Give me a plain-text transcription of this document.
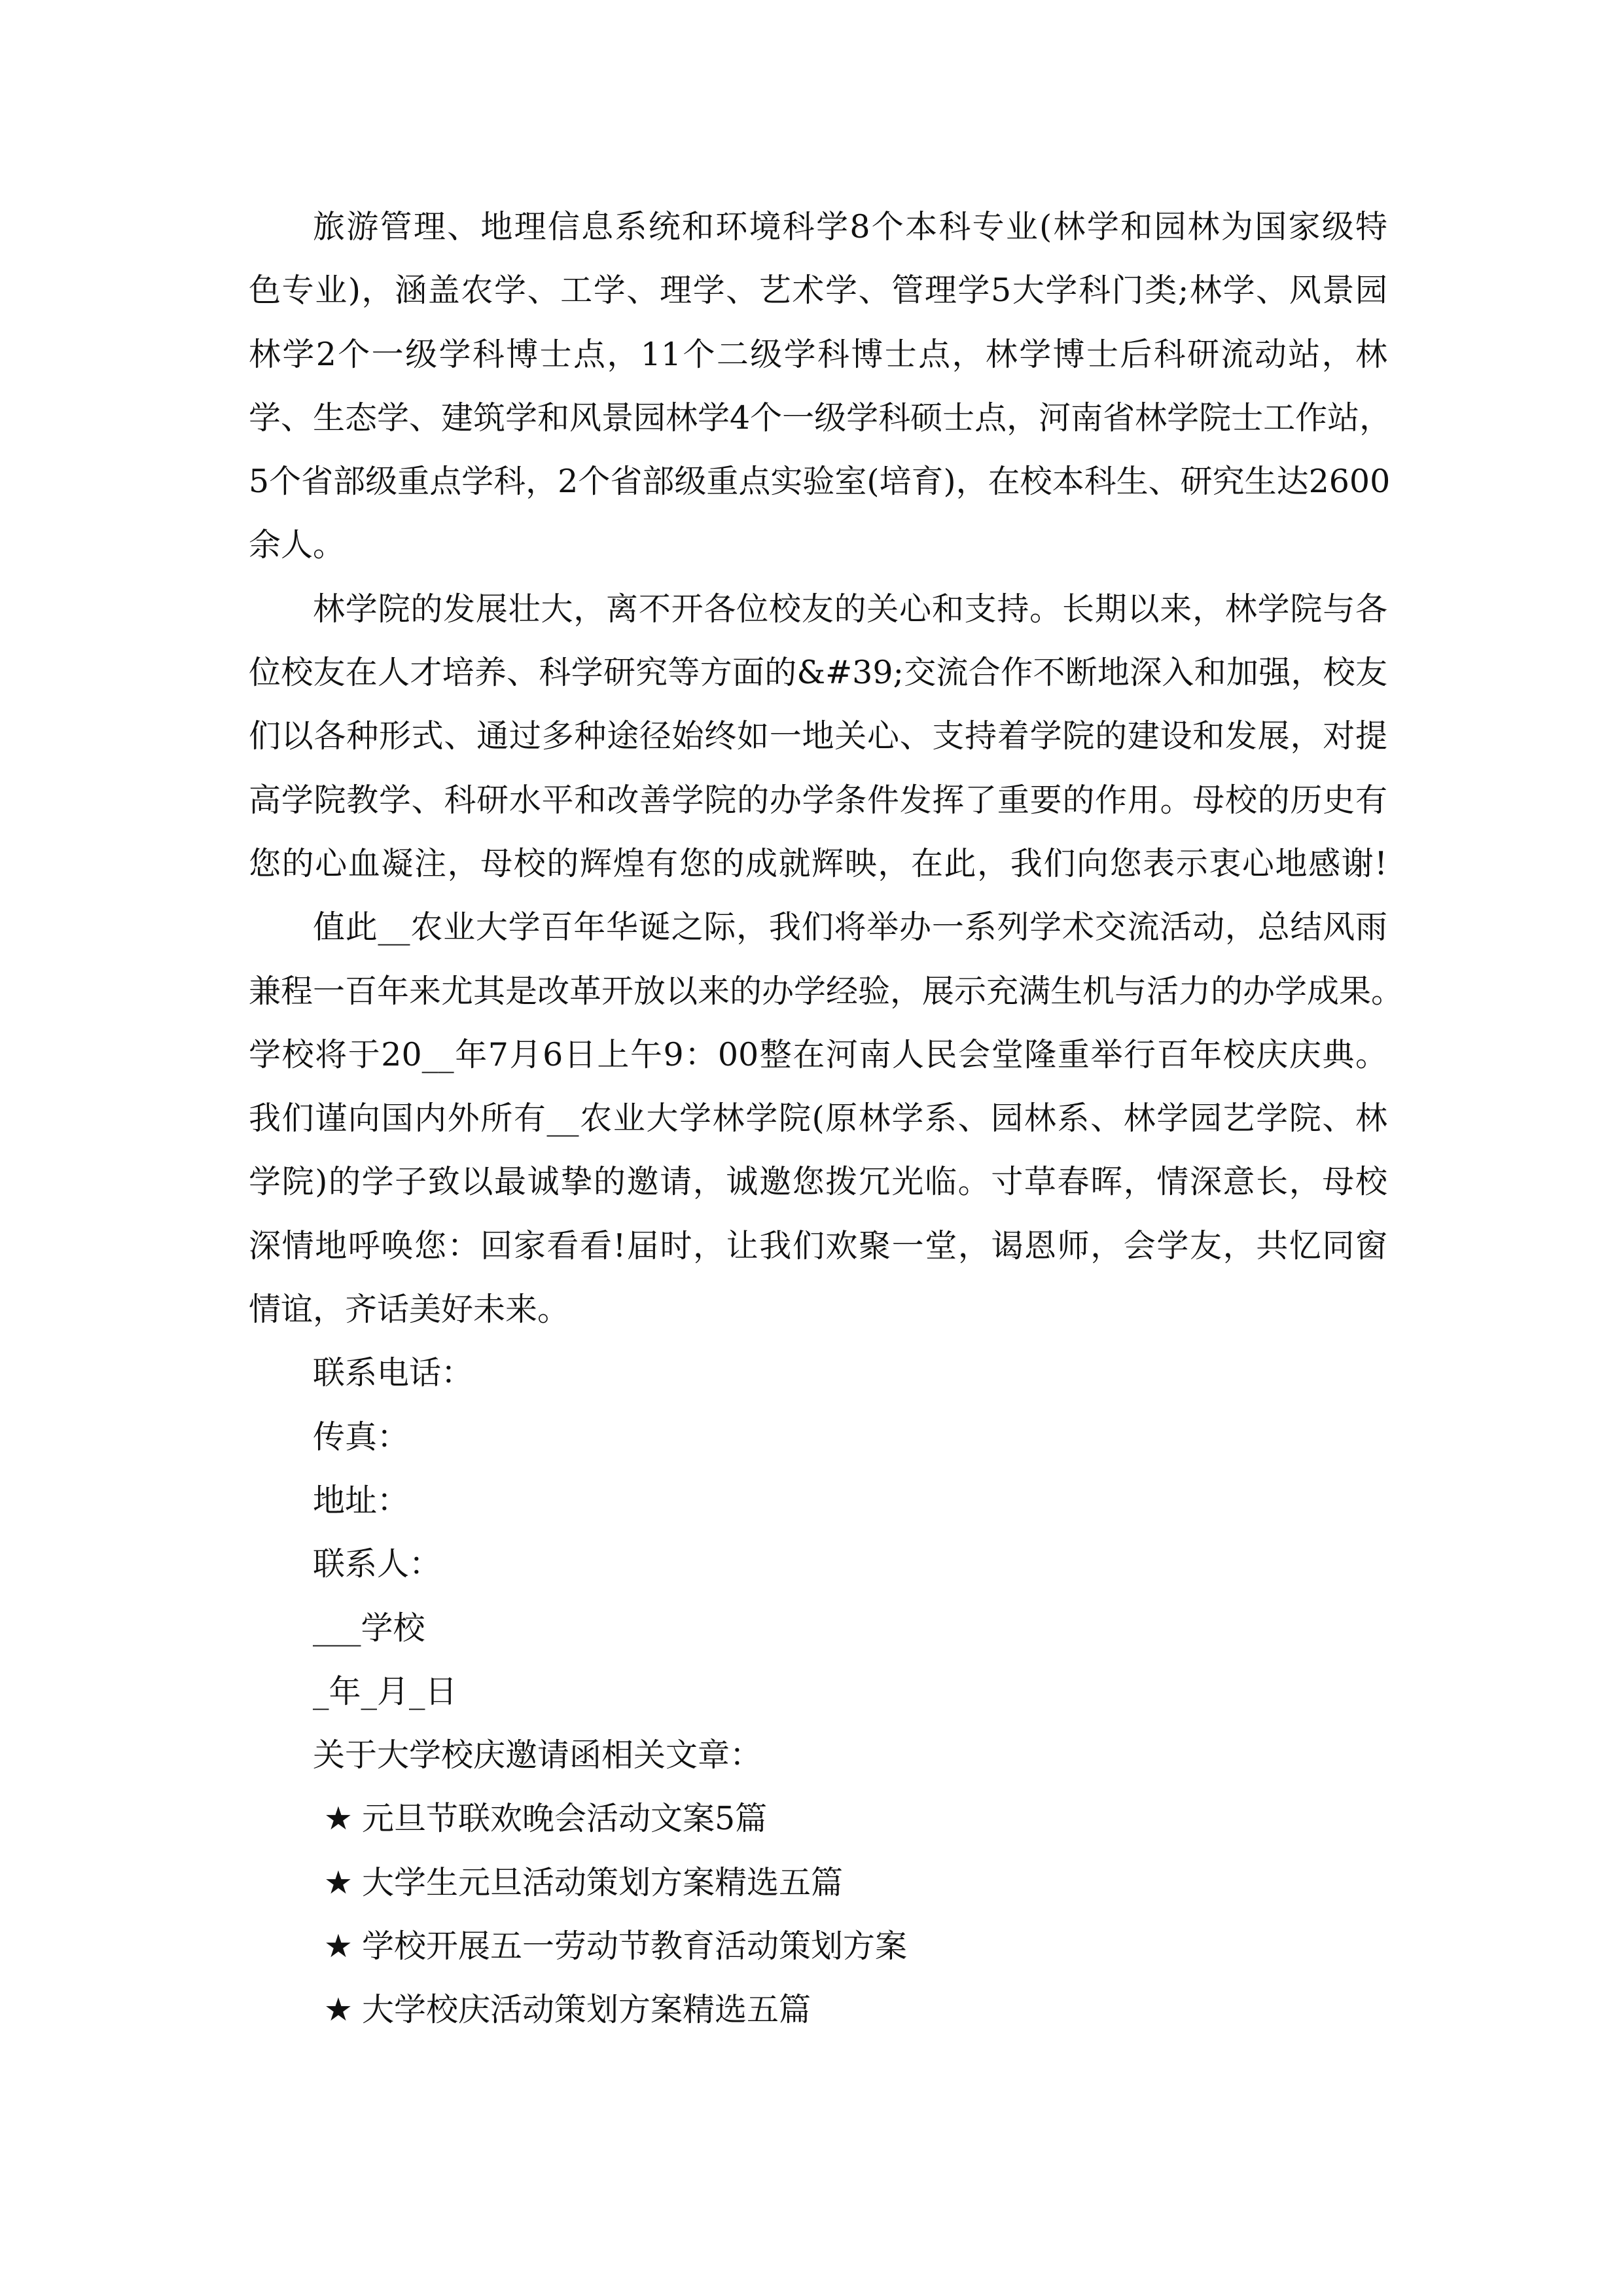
旅游管理、地理信息系统和环境科学8个本科专业(林学和园林为国家级特
色专业)，涵盖农学、工学、理学、艺术学、管理学5大学科门类;林学、风景园
林学2个一级学科博士点，11个二级学科博士点，林学博士后科研流动站，林
学、生态学、建筑学和风景园林学4个一级学科硕士点，河南省林学院士工作站，
5个省部级重点学科，2个省部级重点实验室(培育)，在校本科生、研究生达2600
余人。
林学院的发展壮大，离不开各位校友的关心和支持。长期以来，林学院与各
位校友在人才培养、科学研究等方面的&#39;交流合作不断地深入和加强，校友
们以各种形式、通过多种途径始终如一地关心、支持着学院的建设和发展，对提
高学院教学、科研水平和改善学院的办学条件发挥了重要的作用。母校的历史有
您的心血凝注，母校的辉煌有您的成就辉映，在此，我们向您表示衷心地感谢!
值此__农业大学百年华诞之际，我们将举办一系列学术交流活动，总结风雨
兼程一百年来尤其是改革开放以来的办学经验，展示充满生机与活力的办学成果。
学校将于20__年7月6日上午9：00整在河南人民会堂隆重举行百年校庆庆典。
我们谨向国内外所有__农业大学林学院(原林学系、园林系、林学园艺学院、林
学院)的学子致以最诚挚的邀请，诚邀您拨冗光临。寸草春晖，情深意长，母校
深情地呼唤您：回家看看!届时，让我们欢聚一堂，谒恩师，会学友，共忆同窗
情谊，齐话美好未来。
联系电话：
传真：
地址：
联系人：
___学校
_年_月_日
关于大学校庆邀请函相关文章：
★ 元旦节联欢晚会活动文案5篇
★ 大学生元旦活动策划方案精选五篇
★ 学校开展五一劳动节教育活动策划方案
★ 大学校庆活动策划方案精选五篇
